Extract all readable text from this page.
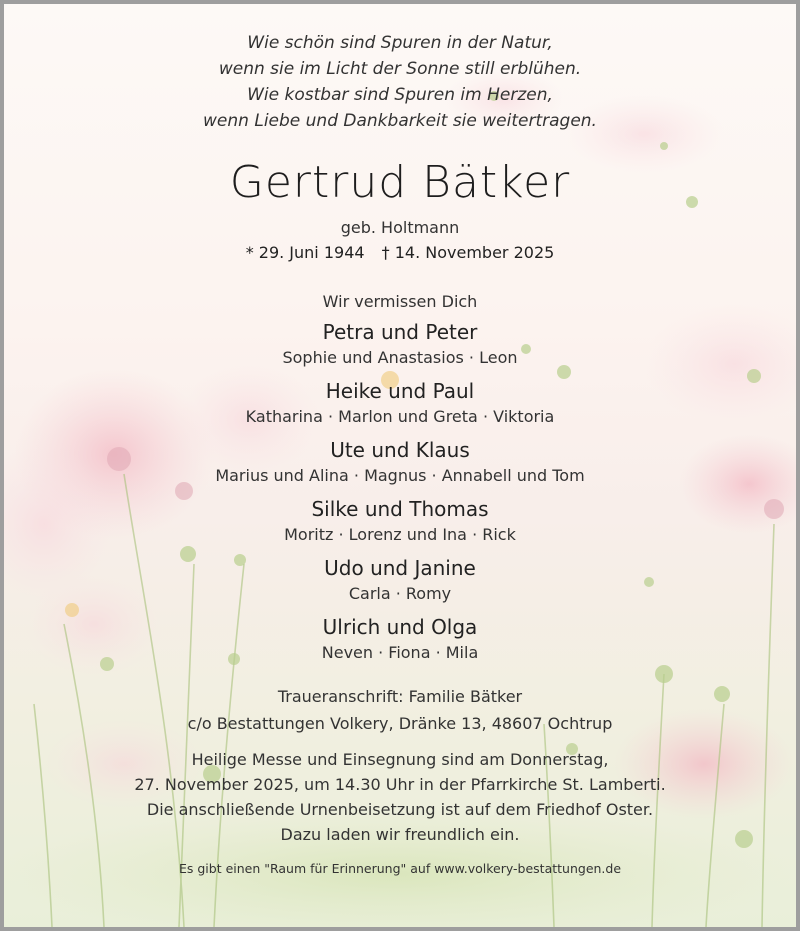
Wie schön sind Spuren in der Natur,
wenn sie im Licht der Sonne still erblühen.
Wie kostbar sind Spuren im Herzen,
wenn Liebe und Dankbarkeit sie weitertragen.
Gertrud Bätker
geb. Holtmann
* 29. Juni 1944 † 14. November 2025
Wir vermissen Dich
Petra und Peter
Sophie und Anastasios · Leon
Heike und Paul
Katharina · Marlon und Greta · Viktoria
Ute und Klaus
Marius und Alina · Magnus · Annabell und Tom
Silke und Thomas
Moritz · Lorenz und Ina · Rick
Udo und Janine
Carla · Romy
Ulrich und Olga
Neven · Fiona · Mila
Traueranschrift: Familie Bätker
c/o Bestattungen Volkery, Dränke 13, 48607 Ochtrup
Heilige Messe und Einsegnung sind am Donnerstag,
27. November 2025, um 14.30 Uhr in der Pfarrkirche St. Lamberti.
Die anschließende Urnenbeisetzung ist auf dem Friedhof Oster.
Dazu laden wir freundlich ein.
Es gibt einen "Raum für Erinnerung" auf www.volkery-bestattungen.de
